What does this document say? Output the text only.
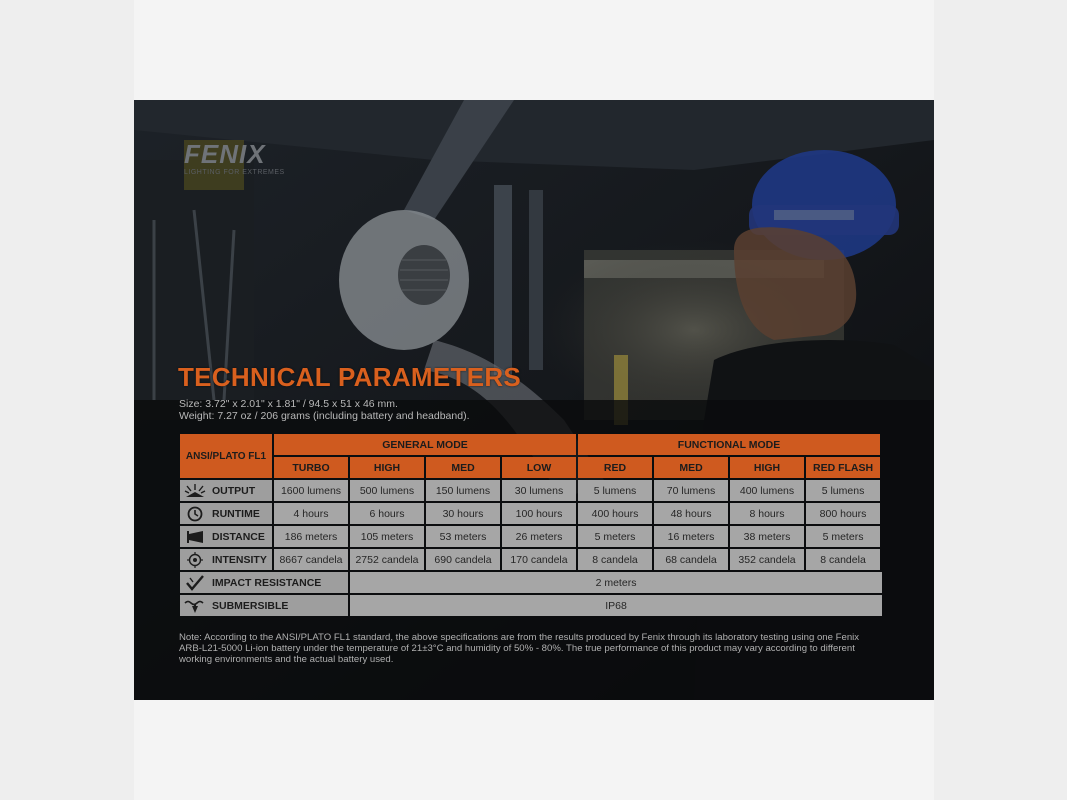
FENIX
LIGHTING FOR EXTREMES
TECHNICAL PARAMETERS
Size: 3.72" x 2.01" x 1.81" / 94.5 x 51 x 46 mm.
Weight: 7.27 oz / 206 grams (including battery and headband).
ANSI/PLATO FL1	GENERAL MODE				FUNCTIONAL MODE			
	TURBO	HIGH	MED	LOW	RED	MED	HIGH	RED FLASH
OUTPUT	1600 lumens	500 lumens	150 lumens	30 lumens	5 lumens	70 lumens	400 lumens	5 lumens
RUNTIME	4 hours	6 hours	30 hours	100 hours	400 hours	48 hours	8 hours	800 hours
DISTANCE	186 meters	105 meters	53 meters	26 meters	5 meters	16 meters	38 meters	5 meters
INTENSITY	8667 candela	2752 candela	690 candela	170 candela	8 candela	68 candela	352 candela	8 candela
IMPACT RESISTANCE		2 meters						
SUBMERSIBLE		IP68						
Note: According to the ANSI/PLATO FL1 standard, the above specifications are from the results produced by Fenix through its laboratory testing using one Fenix ARB-L21-5000 Li-ion battery under the temperature of 21±3°C and humidity of 50% - 80%. The true performance of this product may vary according to different working environments and the actual battery used.
